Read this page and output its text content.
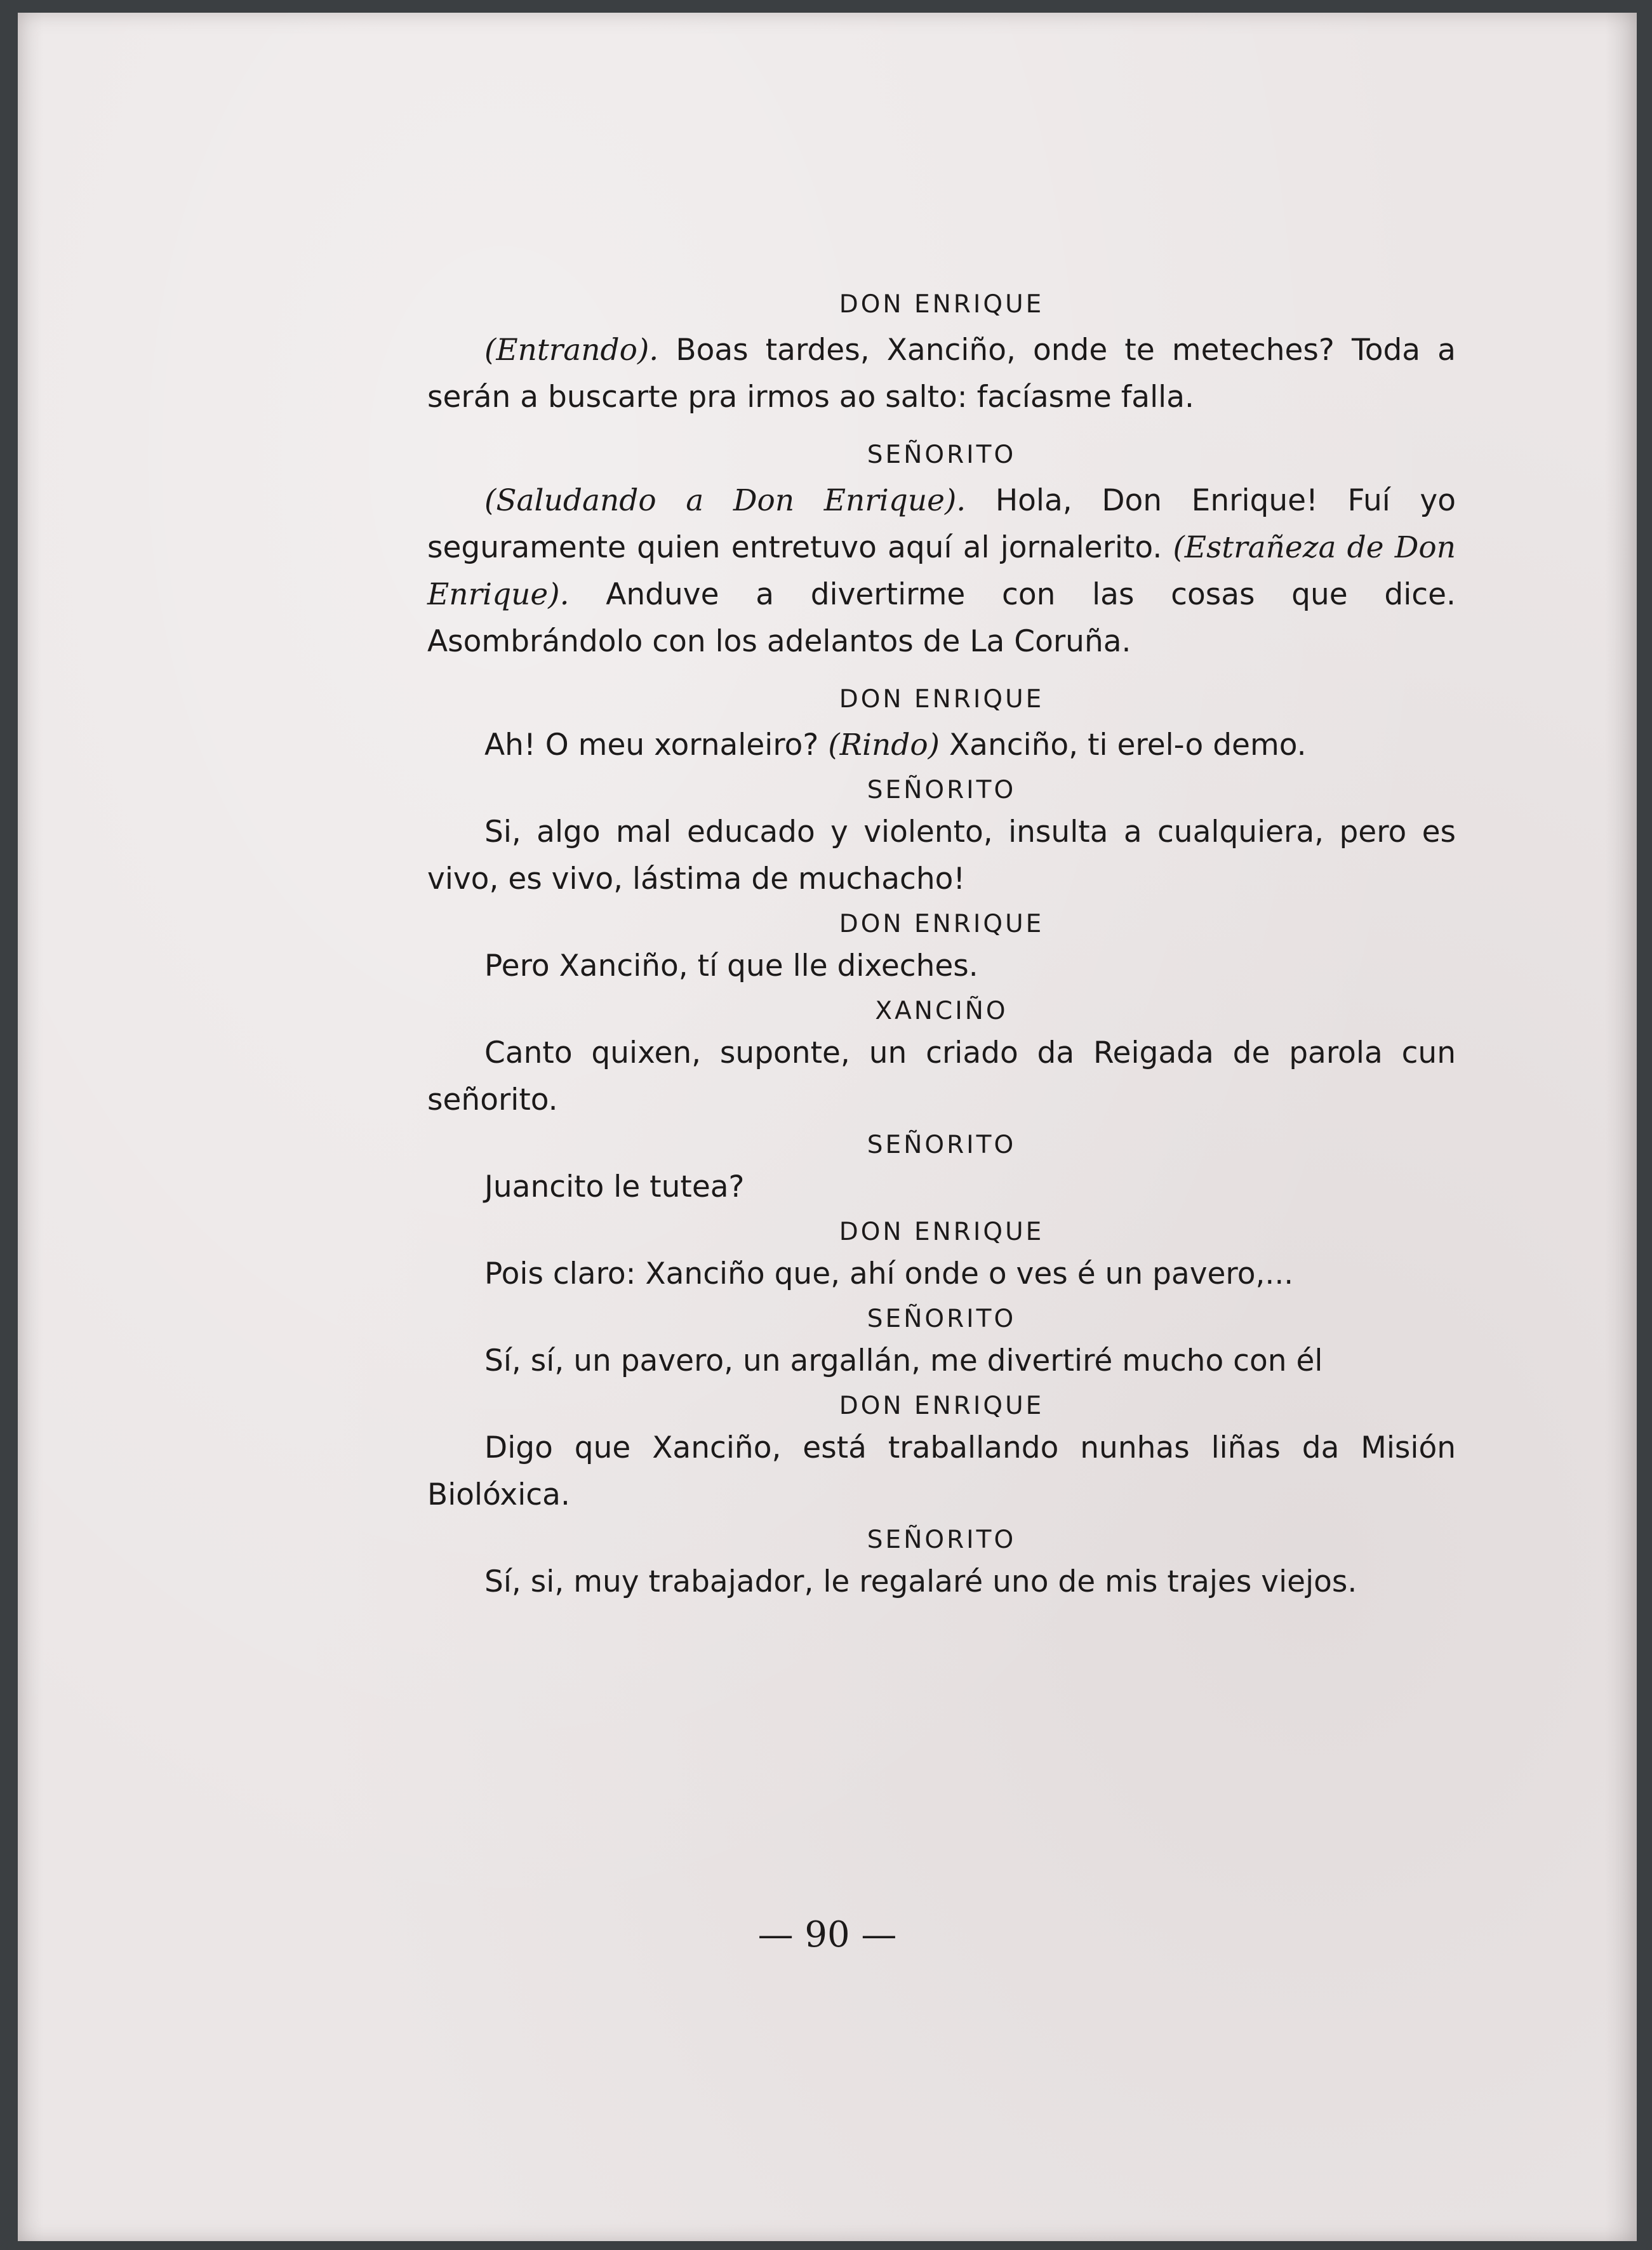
DON ENRIQUE

(Entrando). Boas tardes, Xanciño, onde te meteches? Toda a serán a buscarte pra irmos ao salto: facíasme falla.

SEÑORITO

(Saludando a Don Enrique). Hola, Don Enrique! Fuí yo seguramente quien entretuvo aquí al jornalerito. (Estrañeza de Don Enrique). Anduve a divertirme con las cosas que dice. Asombrándolo con los adelantos de La Coruña.

DON ENRIQUE

Ah! O meu xornaleiro? (Rindo) Xanciño, ti erel-o demo.

SEÑORITO

Si, algo mal educado y violento, insulta a cualquiera, pero es vivo, es vivo, lástima de muchacho!

DON ENRIQUE

Pero Xanciño, tí que lle dixeches.

XANCIÑO

Canto quixen, suponte, un criado da Reigada de parola cun señorito.

SEÑORITO

Juancito le tutea?

DON ENRIQUE

Pois claro: Xanciño que, ahí onde o ves é un pavero,...

SEÑORITO

Sí, sí, un pavero, un argallán, me divertiré mucho con él

DON ENRIQUE

Digo que Xanciño, está traballando nunhas liñas da Misión Biolóxica.

SEÑORITO

Sí, si, muy trabajador, le regalaré uno de mis trajes viejos.

— 90 —
